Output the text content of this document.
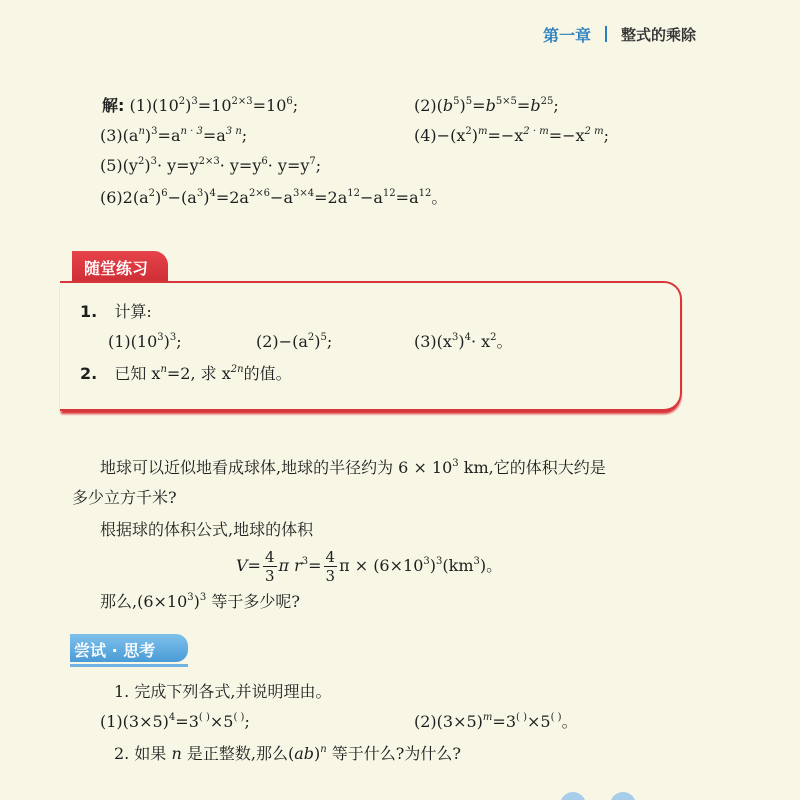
第一章 整式的乘除
解: $(1)(10^2)^3=10^{2\times 3}=10^6$;	$(2)(b^5)^5=b^{5\times 5}=b^{25}$;
$(3)(a^n)^3=a^{n \cdot 3}=a^{3 n}$;	$(4)-(x^2)^m=-x^{2 \cdot m}=-x^{2 m}$;
$(5)(y^2)^3\cdot y=y^{2\times 3}\cdot y=y^6\cdot y=y^7$;
$(6)2(a^2)^6-(a^3)^4=2a^{2\times 6}-a^{3\times 4}=2a^{12}-a^{12}=a^{12}$。
随堂练习
1. 计算:
$(1)(10^3)^3$;	$(2)-(a^2)^5$;	$(3)(x^3)^4\cdot x^2$。
2. 已知 $x^n=2$, 求 $x^{2n}$的值。
地球可以近似地看成球体,地球的半径约为 $6 \times 10^3$ km,它的体积大约是
多少立方千米?
根据球的体积公式,地球的体积
$V= \frac{4}{3}$ π $r^3= \frac{4}{3}$ $\pi \times (6\times 10^3)^3(km^3)$。
那么$,(6\times 10^3)^3$ 等于多少呢?
尝试 · 思考
1. 完成下列各式,并说明理由。
$(1)(3\times 5)^4=3^{( )}\times 5^{( )}$;	$(2)(3\times 5)^m=3^{( )}\times 5^{( )}$。
2. 如果 n 是正整数,那么(ab)$^n$ 等于什么?为什么?
